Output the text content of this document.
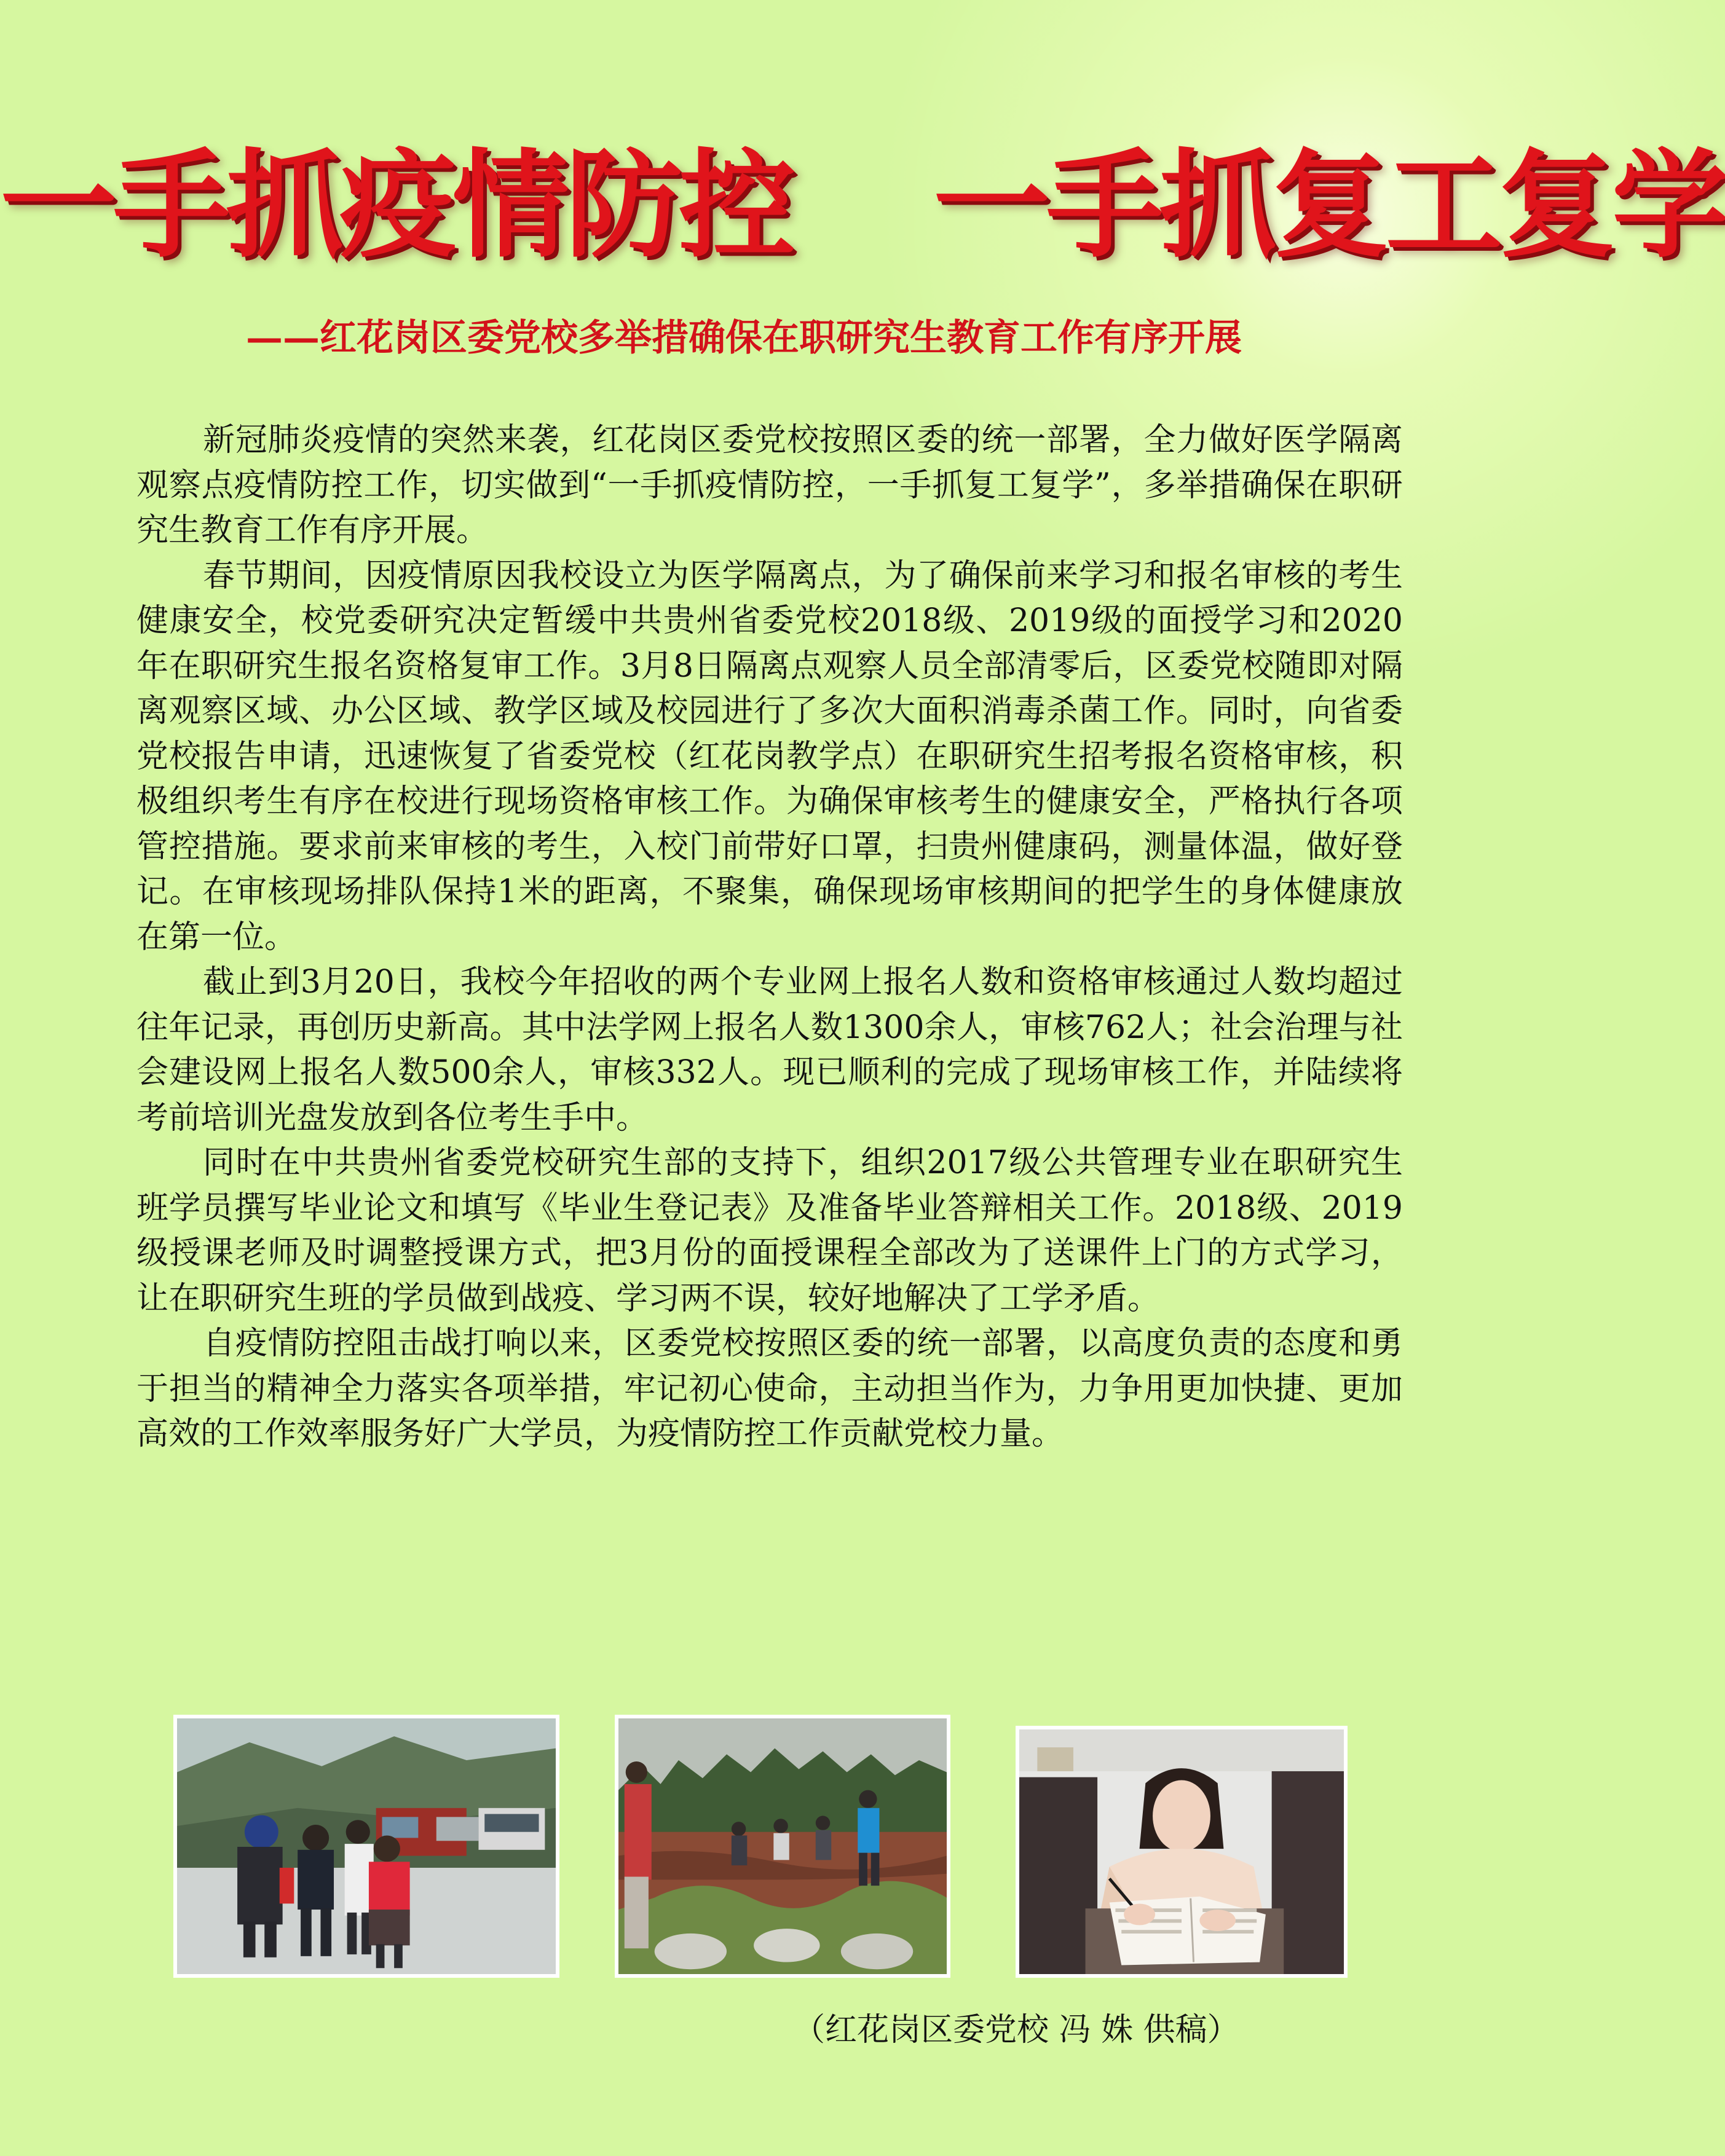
一手抓疫情防控 一手抓复工复学
——红花岗区委党校多举措确保在职研究生教育工作有序开展

新冠肺炎疫情的突然来袭，红花岗区委党校按照区委的统一部署，全力做好医学隔离观察点疫情防控工作，切实做到“一手抓疫情防控，一手抓复工复学”，多举措确保在职研究生教育工作有序开展。

春节期间，因疫情原因我校设立为医学隔离点，为了确保前来学习和报名审核的考生健康安全，校党委研究决定暂缓中共贵州省委党校2018级、2019级的面授学习和2020年在职研究生报名资格复审工作。3月8日隔离点观察人员全部清零后，区委党校随即对隔离观察区域、办公区域、教学区域及校园进行了多次大面积消毒杀菌工作。同时，向省委党校报告申请，迅速恢复了省委党校（红花岗教学点）在职研究生招考报名资格审核，积极组织考生有序在校进行现场资格审核工作。为确保审核考生的健康安全，严格执行各项管控措施。要求前来审核的考生，入校门前带好口罩，扫贵州健康码，测量体温，做好登记。在审核现场排队保持1米的距离，不聚集，确保现场审核期间的把学生的身体健康放在第一位。

截止到3月20日，我校今年招收的两个专业网上报名人数和资格审核通过人数均超过往年记录，再创历史新高。其中法学网上报名人数1300余人，审核762人；社会治理与社会建设网上报名人数500余人，审核332人。现已顺利的完成了现场审核工作，并陆续将考前培训光盘发放到各位考生手中。

同时在中共贵州省委党校研究生部的支持下，组织2017级公共管理专业在职研究生班学员撰写毕业论文和填写《毕业生登记表》及准备毕业答辩相关工作。2018级、2019级授课老师及时调整授课方式，把3月份的面授课程全部改为了送课件上门的方式学习，让在职研究生班的学员做到战疫、学习两不误，较好地解决了工学矛盾。

自疫情防控阻击战打响以来，区委党校按照区委的统一部署，以高度负责的态度和勇于担当的精神全力落实各项举措，牢记初心使命，主动担当作为，力争用更加快捷、更加高效的工作效率服务好广大学员，为疫情防控工作贡献党校力量。

（红花岗区委党校 冯 姝 供稿）
